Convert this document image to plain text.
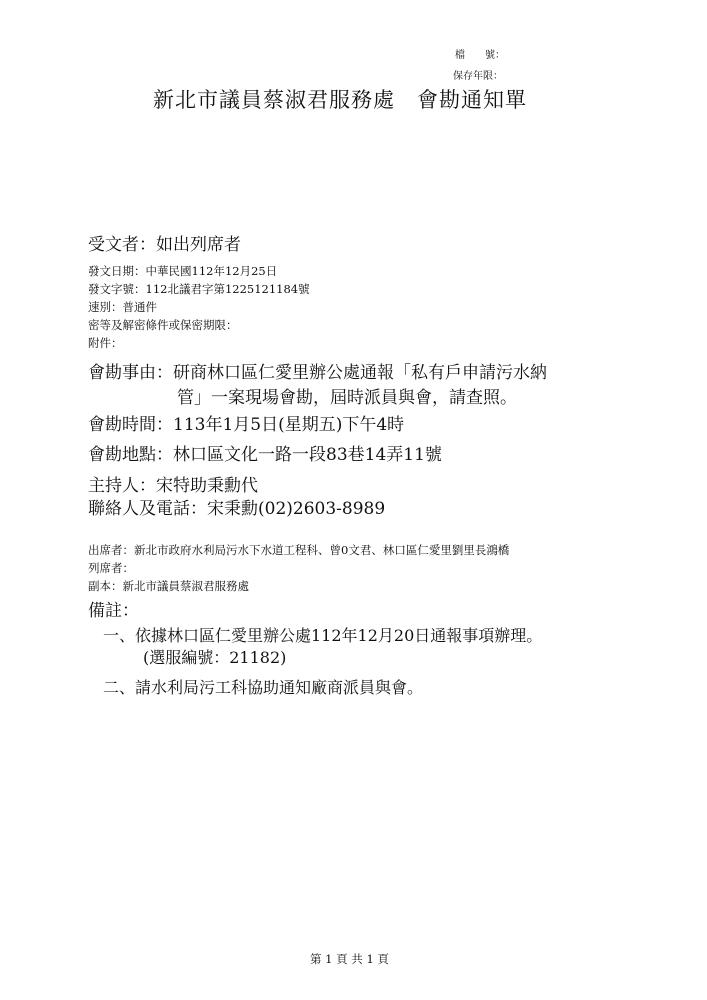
檔　　號：
保存年限：
新北市議員蔡淑君服務處　會勘通知單
受文者：如出列席者
發文日期：中華民國112年12月25日
發文字號：112北議君字第1225121184號
速別：普通件
密等及解密條件或保密期限：
附件：
會勘事由：研商林口區仁愛里辦公處通報「私有戶申請污水納
管」一案現場會勘，屆時派員與會，請查照。
會勘時間：113年1月5日(星期五)下午4時
會勘地點：林口區文化一路一段83巷14弄11號
主持人：宋特助秉勳代
聯絡人及電話：宋秉勳(02)2603-8989
出席者：新北市政府水利局污水下水道工程科、曾0文君、林口區仁愛里劉里長鴻橋
列席者：
副本：新北市議員蔡淑君服務處
備註：
一、依據林口區仁愛里辦公處112年12月20日通報事項辦理。
(選服編號：21182)
二、請水利局污工科協助通知廠商派員與會。
第 1 頁 共 1 頁
